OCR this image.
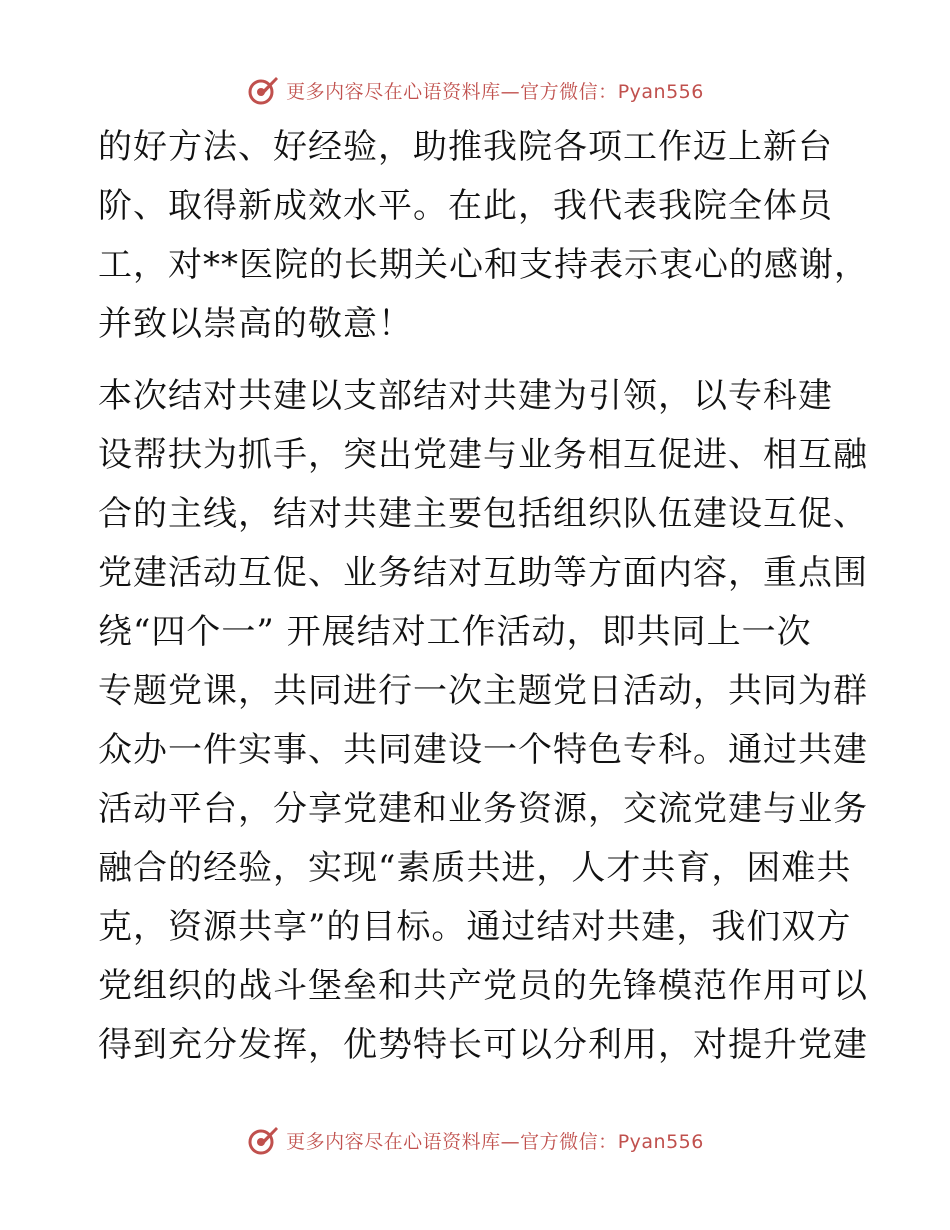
更多内容尽在心语资料库—官方微信：Pyan556
的好方法、好经验，助推我院各项工作迈上新台
阶、取得新成效水平。在此，我代表我院全体员
工，对**医院的长期关心和支持表示衷心的感谢，
并致以崇高的敬意！
本次结对共建以支部结对共建为引领，以专科建
设帮扶为抓手，突出党建与业务相互促进、相互融
合的主线，结对共建主要包括组织队伍建设互促、
党建活动互促、业务结对互助等方面内容，重点围
绕“四个一” 开展结对工作活动，即共同上一次
专题党课，共同进行一次主题党日活动，共同为群
众办一件实事、共同建设一个特色专科。通过共建
活动平台，分享党建和业务资源，交流党建与业务
融合的经验，实现“素质共进，人才共育，困难共
克，资源共享”的目标。通过结对共建，我们双方
党组织的战斗堡垒和共产党员的先锋模范作用可以
得到充分发挥，优势特长可以分利用，对提升党建
更多内容尽在心语资料库—官方微信：Pyan556
